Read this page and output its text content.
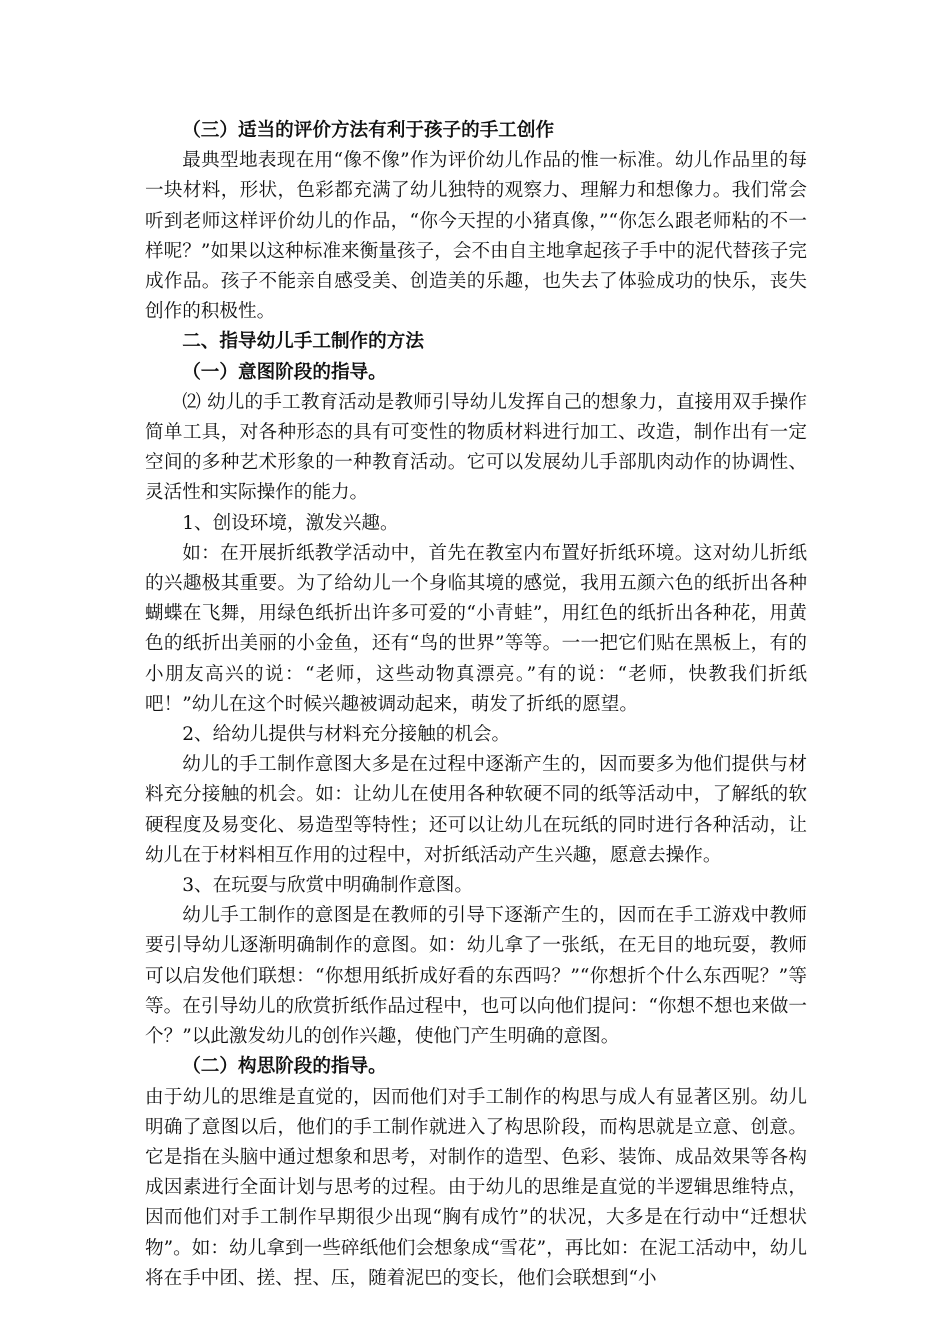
（三）适当的评价方法有利于孩子的手工创作

最典型地表现在用“像不像”作为评价幼儿作品的惟一标准。幼儿作品里的每一块材料，形状，色彩都充满了幼儿独特的观察力、理解力和想像力。我们常会听到老师这样评价幼儿的作品，“你今天捏的小猪真像，”“你怎么跟老师粘的不一样呢？”如果以这种标准来衡量孩子，会不由自主地拿起孩子手中的泥代替孩子完成作品。孩子不能亲自感受美、创造美的乐趣，也失去了体验成功的快乐，丧失创作的积极性。

二、指导幼儿手工制作的方法

（一）意图阶段的指导。

⑵ 幼儿的手工教育活动是教师引导幼儿发挥自己的想象力，直接用双手操作简单工具，对各种形态的具有可变性的物质材料进行加工、改造，制作出有一定空间的多种艺术形象的一种教育活动。它可以发展幼儿手部肌肉动作的协调性、灵活性和实际操作的能力。

1、创设环境，激发兴趣。

如：在开展折纸教学活动中，首先在教室内布置好折纸环境。这对幼儿折纸的兴趣极其重要。为了给幼儿一个身临其境的感觉，我用五颜六色的纸折出各种蝴蝶在飞舞，用绿色纸折出许多可爱的“小青蛙”，用红色的纸折出各种花，用黄色的纸折出美丽的小金鱼，还有“鸟的世界”等等。一一把它们贴在黑板上，有的小朋友高兴的说：“老师，这些动物真漂亮。”有的说：“老师，快教我们折纸吧！”幼儿在这个时候兴趣被调动起来，萌发了折纸的愿望。

2、给幼儿提供与材料充分接触的机会。

幼儿的手工制作意图大多是在过程中逐渐产生的，因而要多为他们提供与材料充分接触的机会。如：让幼儿在使用各种软硬不同的纸等活动中，了解纸的软硬程度及易变化、易造型等特性；还可以让幼儿在玩纸的同时进行各种活动，让幼儿在于材料相互作用的过程中，对折纸活动产生兴趣，愿意去操作。

3、在玩耍与欣赏中明确制作意图。

幼儿手工制作的意图是在教师的引导下逐渐产生的，因而在手工游戏中教师要引导幼儿逐渐明确制作的意图。如：幼儿拿了一张纸，在无目的地玩耍，教师可以启发他们联想：“你想用纸折成好看的东西吗？”“你想折个什么东西呢？”等等。在引导幼儿的欣赏折纸作品过程中，也可以向他们提问：“你想不想也来做一个？”以此激发幼儿的创作兴趣，使他门产生明确的意图。

（二）构思阶段的指导。

由于幼儿的思维是直觉的，因而他们对手工制作的构思与成人有显著区别。幼儿明确了意图以后，他们的手工制作就进入了构思阶段，而构思就是立意、创意。它是指在头脑中通过想象和思考，对制作的造型、色彩、装饰、成品效果等各构成因素进行全面计划与思考的过程。由于幼儿的思维是直觉的半逻辑思维特点，因而他们对手工制作早期很少出现“胸有成竹”的状况，大多是在行动中“迁想状物”。如：幼儿拿到一些碎纸他们会想象成“雪花”，再比如：在泥工活动中，幼儿将在手中团、搓、捏、压，随着泥巴的变长，他们会联想到“小
